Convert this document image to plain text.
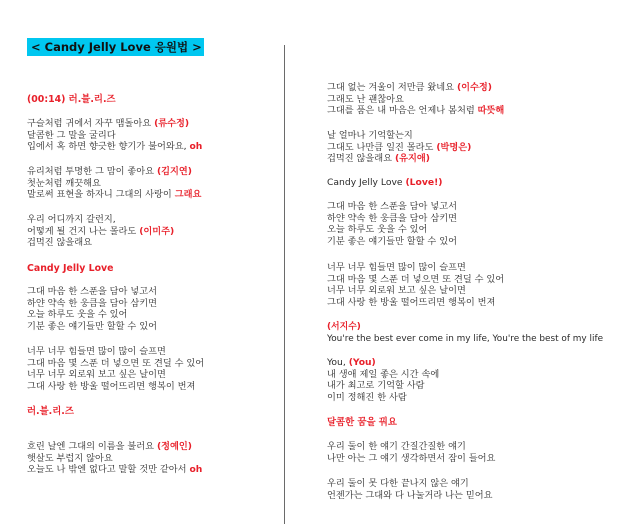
< Candy Jelly Love 응원법 >
(00:14) 러.블.리.즈
구슬처럼 귀에서 자꾸 맴돌아요 (류수정)
달콤한 그 말을 굴리다
입에서 혹 하면 향긋한 향기가 불어와요, oh
유리처럼 투명한 그 맘이 좋아요 (김지연)
첫눈처럼 깨끗해요
말로써 표현을 하자니 그대의 사랑이 그래요
우리 어디까지 갈런지,
어떻게 될 건지 나는 몰라도 (이미주)
겁먹진 않을래요
Candy Jelly Love
그대 마음 한 스푼을 담아 넣고서
하얀 약속 한 웅큼을 담아 삼키면
오늘 하루도 웃을 수 있어
기분 좋은 얘기들만 할할 수 있어
너무 너무 힘들면 많이 많이 슬프면
그대 마음 몇 스푼 더 넣으면 또 견딜 수 있어
너무 너무 외로워 보고 싶은 날이면
그대 사랑 한 방울 떨어뜨리면 행복이 번져
러.블.리.즈
흐린 날엔 그대의 이름을 불러요 (정예인)
햇살도 부럽지 않아요
오늘도 나 밖엔 없다고 말할 것만 같아서 oh
그대 없는 겨울이 저만큼 왔네요 (이수정)
그래도 난 괜찮아요
그대를 품은 내 마음은 언제나 봄처럼 따뜻해
날 얼마나 기억할는지
그대도 나만큼 일진 몰라도 (박명은)
겁먹진 않을래요 (유지애)
Candy Jelly Love (Love!)
그대 마음 한 스푼을 담아 넣고서
하얀 약속 한 웅큼을 담아 삼키면
오늘 하루도 웃을 수 있어
기분 좋은 얘기들만 할할 수 있어
너무 너무 힘들면 많이 많이 슬프면
그대 마음 몇 스푼 더 넣으면 또 견딜 수 있어
너무 너무 외로워 보고 싶은 날이면
그대 사랑 한 방울 떨어뜨리면 행복이 번져
(서지수)
You're the best ever come in my life, You're the best of my life
You, (You)
내 생애 제일 좋은 시간 속에
내가 최고로 기억할 사람
이미 정해진 한 사람
달콤한 꿈을 꿔요
우리 둘이 한 얘기 간질간질한 얘기
나만 아는 그 얘기 생각하면서 잠이 들어요
우리 둘이 못 다한 끝나지 않은 얘기
언젠가는 그대와 다 나눌거라 나는 믿어요
